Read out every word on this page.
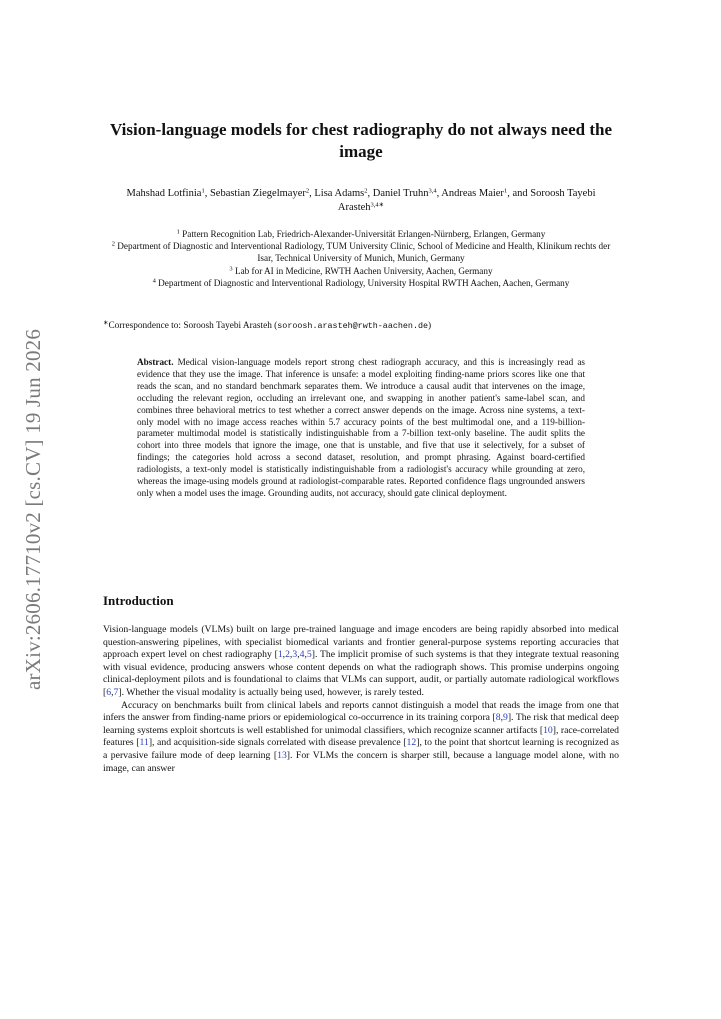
arXiv:2606.17710v2 [cs.CV] 19 Jun 2026
Vision-language models for chest radiography do not always need the image
Mahshad Lotfinia$^1$, Sebastian Ziegelmayer$^2$, Lisa Adams$^2$, Daniel Truhn$^{3,4}$, Andreas Maier$^1$, and Soroosh Tayebi Arasteh$^{3,4∗}$

$^1$ Pattern Recognition Lab, Friedrich-Alexander-Universität Erlangen-Nürnberg, Erlangen, Germany

$^2$ Department of Diagnostic and Interventional Radiology, TUM University Clinic, School of Medicine and Health, Klinikum rechts der Isar, Technical University of Munich, Munich, Germany

$^3$ Lab for AI in Medicine, RWTH Aachen University, Aachen, Germany

$^4$ Department of Diagnostic and Interventional Radiology, University Hospital RWTH Aachen, Aachen, Germany

∗Correspondence to: Soroosh Tayebi Arasteh (soroosh.arasteh@rwth-aachen.de)
Abstract. Medical vision-language models report strong chest radiograph accuracy, and this is increasingly read as evidence that they use the image. That inference is unsafe: a model exploiting finding-name priors scores like one that reads the scan, and no standard benchmark separates them. We introduce a causal audit that intervenes on the image, occluding the relevant region, occluding an irrelevant one, and swapping in another patient's same-label scan, and combines three behavioral metrics to test whether a correct answer depends on the image. Across nine systems, a text-only model with no image access reaches within 5.7 accuracy points of the best multimodal one, and a 119-billion-parameter multimodal model is statistically indistinguishable from a 7-billion text-only baseline. The audit splits the cohort into three models that ignore the image, one that is unstable, and five that use it selectively, for a subset of findings; the categories hold across a second dataset, resolution, and prompt phrasing. Against board-certified radiologists, a text-only model is statistically indistinguishable from a radiologist's accuracy while grounding at zero, whereas the image-using models ground at radiologist-comparable rates. Reported confidence flags ungrounded answers only when a model uses the image. Grounding audits, not accuracy, should gate clinical deployment.
Introduction

Vision-language models (VLMs) built on large pre-trained language and image encoders are being rapidly absorbed into medical question-answering pipelines, with specialist biomedical variants and frontier general-purpose systems reporting accuracies that approach expert level on chest radiography [1,2,3,4,5]. The implicit promise of such systems is that they integrate textual reasoning with visual evidence, producing answers whose content depends on what the radiograph shows. This promise underpins ongoing clinical-deployment pilots and is foundational to claims that VLMs can support, audit, or partially automate radiological workflows [6,7]. Whether the visual modality is actually being used, however, is rarely tested.

Accuracy on benchmarks built from clinical labels and reports cannot distinguish a model that reads the image from one that infers the answer from finding-name priors or epidemiological co-occurrence in its training corpora [8,9]. The risk that medical deep learning systems exploit shortcuts is well established for unimodal classifiers, which recognize scanner artifacts [10], race-correlated features [11], and acquisition-side signals correlated with disease prevalence [12], to the point that shortcut learning is recognized as a pervasive failure mode of deep learning [13]. For VLMs the concern is sharper still, because a language model alone, with no image, can answer
